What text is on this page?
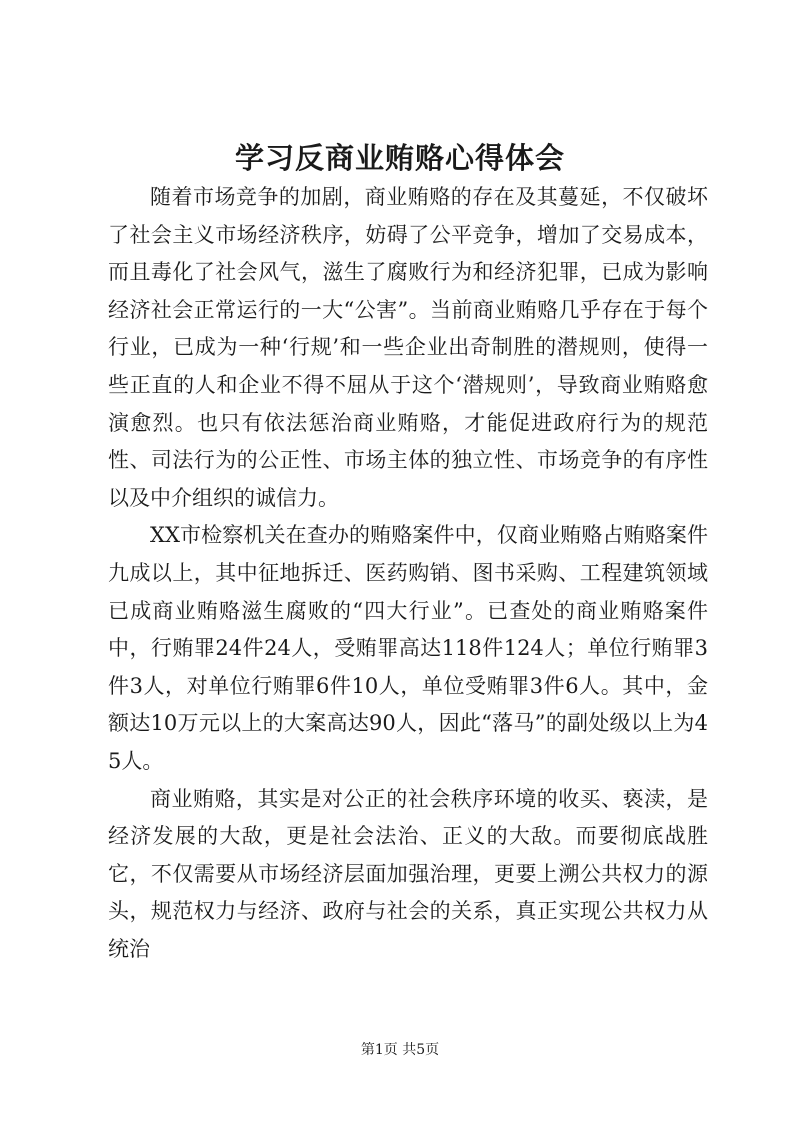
学习反商业贿赂心得体会

随着市场竞争的加剧，商业贿赂的存在及其蔓延，不仅破坏了社会主义市场经济秩序，妨碍了公平竞争，增加了交易成本，而且毒化了社会风气，滋生了腐败行为和经济犯罪，已成为影响经济社会正常运行的一大“公害”。当前商业贿赂几乎存在于每个行业，已成为一种‘行规’和一些企业出奇制胜的潜规则，使得一些正直的人和企业不得不屈从于这个‘潜规则’，导致商业贿赂愈演愈烈。也只有依法惩治商业贿赂，才能促进政府行为的规范性、司法行为的公正性、市场主体的独立性、市场竞争的有序性以及中介组织的诚信力。

XX市检察机关在查办的贿赂案件中，仅商业贿赂占贿赂案件九成以上，其中征地拆迁、医药购销、图书采购、工程建筑领域已成商业贿赂滋生腐败的“四大行业”。已查处的商业贿赂案件中，行贿罪24件24人，受贿罪高达118件124人；单位行贿罪3件3人，对单位行贿罪6件10人，单位受贿罪3件6人。其中，金额达10万元以上的大案高达90人，因此“落马”的副处级以上为45人。

商业贿赂，其实是对公正的社会秩序环境的收买、亵渎，是经济发展的大敌，更是社会法治、正义的大敌。而要彻底战胜它，不仅需要从市场经济层面加强治理，更要上溯公共权力的源头，规范权力与经济、政府与社会的关系，真正实现公共权力从统治

第1页 共5页
